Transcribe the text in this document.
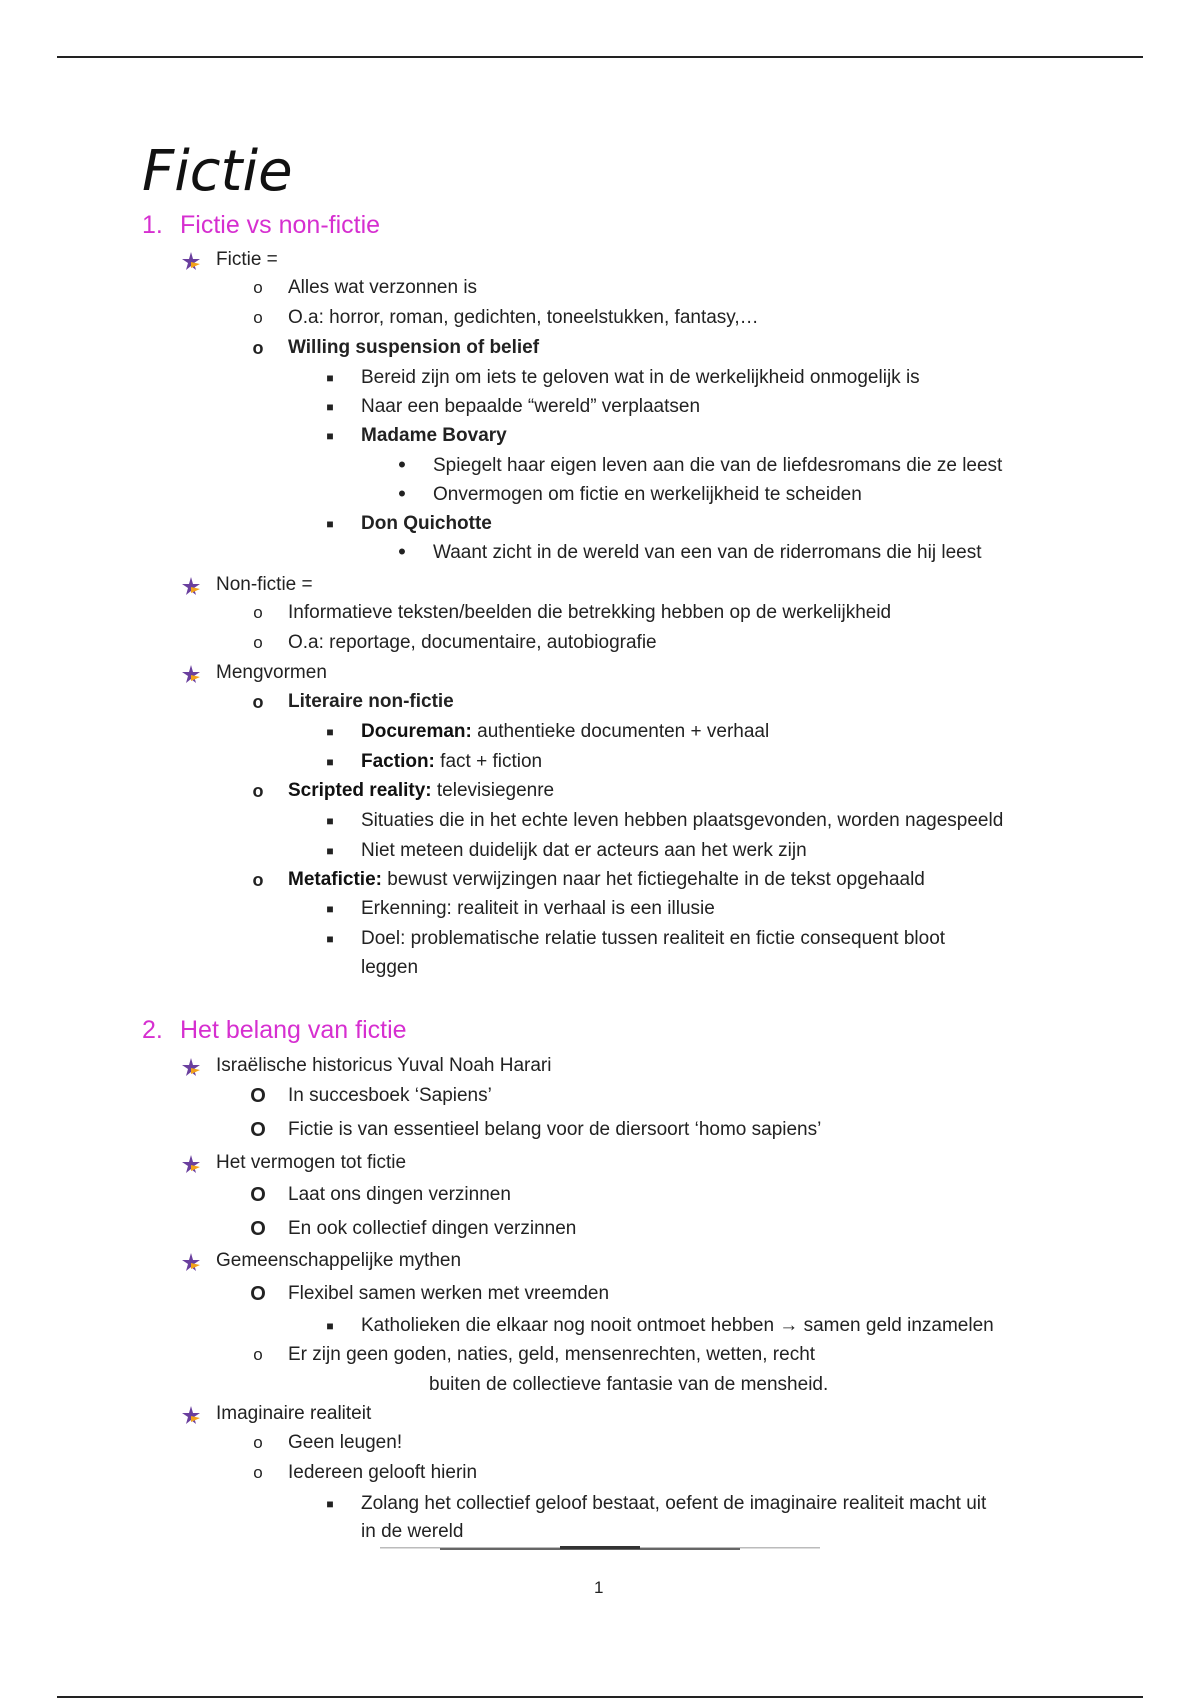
Fictie
1. Fictie vs non-fictie
Fictie =
o Alles wat verzonnen is
o O.a: horror, roman, gedichten, toneelstukken, fantasy,…
o Willing suspension of belief
■	Bereid zijn om iets te geloven wat in de werkelijkheid onmogelijk is
■	Naar een bepaalde “wereld” verplaatsen
■	Madame Bovary
•	Spiegelt haar eigen leven aan die van de liefdesromans die ze leest
•	Onvermogen om fictie en werkelijkheid te scheiden
■	Don Quichotte
•	Waant zicht in de wereld van een van de riderromans die hij leest
Non-fictie =
o Informatieve teksten/beelden die betrekking hebben op de werkelijkheid
o O.a: reportage, documentaire, autobiografie
Mengvormen
o Literaire non-fictie
■	Docureman: authentieke documenten + verhaal
■	Faction: fact + fiction
o Scripted reality: televisiegenre
■	Situaties die in het echte leven hebben plaatsgevonden, worden nagespeeld
■	Niet meteen duidelijk dat er acteurs aan het werk zijn
o Metafictie: bewust verwijzingen naar het fictiegehalte in de tekst opgehaald
■	Erkenning: realiteit in verhaal is een illusie
■	Doel: problematische relatie tussen realiteit en fictie consequent bloot
leggen
2. Het belang van fictie
Israëlische historicus Yuval Noah Harari
O In succesboek ‘Sapiens’
O Fictie is van essentieel belang voor de diersoort ‘homo sapiens’
Het vermogen tot fictie
O Laat ons dingen verzinnen
O En ook collectief dingen verzinnen
Gemeenschappelijke mythen
O Flexibel samen werken met vreemden
■	Katholieken die elkaar nog nooit ontmoet hebben → samen geld inzamelen
o Er zijn geen goden, naties, geld, mensenrechten, wetten, recht
buiten de collectieve fantasie van de mensheid.
Imaginaire realiteit
o Geen leugen!
o Iedereen gelooft hierin
■	Zolang het collectief geloof bestaat, oefent de imaginaire realiteit macht uit
in de wereld
1
